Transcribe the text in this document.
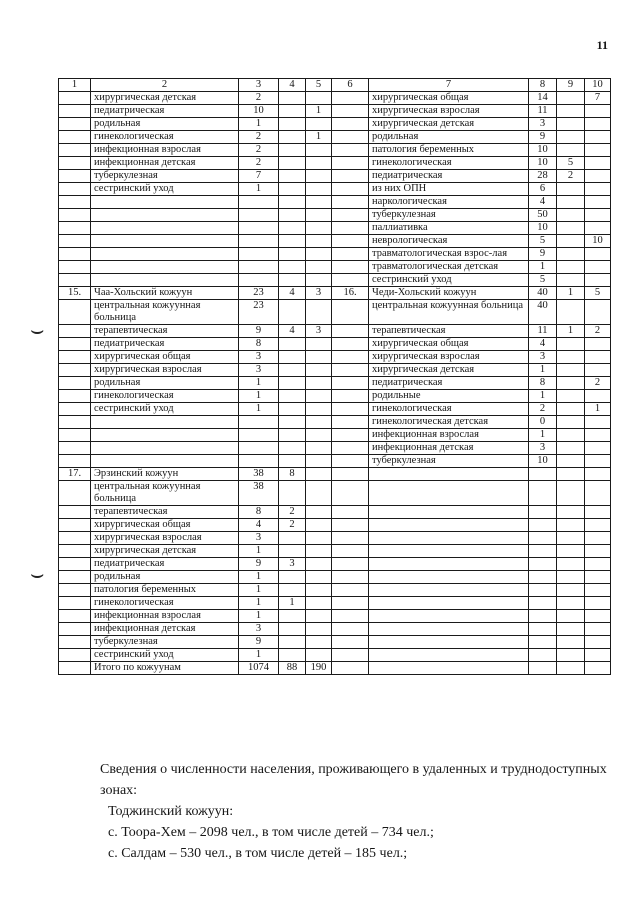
11
1	2	3	4	5	6	7	8	9	10
	хирургическая детская	2				хирургическая общая	14		7
	педиатрическая	10		1		хирургическая взрослая	11		
	родильная	1				хирургическая детская	3		
	гинекологическая	2		1		родильная	9		
	инфекционная взрослая	2				патология беременных	10		
	инфекционная детская	2				гинекологическая	10	5	
	туберкулезная	7				педиатрическая	28	2	
	сестринский уход	1				из них ОПН	6		
						наркологическая	4		
						туберкулезная	50		
						паллиативка	10		
						неврологическая	5		10
						травматологическая взрос-лая	9		
						травматологическая детская	1		
						сестринский уход	5		
15.	Чаа-Хольский кожуун	23	4	3	16.	Чеди-Хольский кожуун	40	1	5
	центральная кожуунная больница	23				центральная кожуунная больница	40		
	терапевтическая	9	4	3		терапевтическая	11	1	2
	педиатрическая	8				хирургическая общая	4		
	хирургическая общая	3				хирургическая взрослая	3		
	хирургическая взрослая	3				хирургическая детская	1		
	родильная	1				педиатрическая	8		2
	гинекологическая	1				родильные	1		
	сестринский уход	1				гинекологическая	2		1
						гинекологическая детская	0		
						инфекционная взрослая	1		
						инфекционная детская	3		
						туберкулезная	10		
17.	Эрзинский кожуун	38	8						
	центральная кожуунная больница	38							
	терапевтическая	8	2						
	хирургическая общая	4	2						
	хирургическая взрослая	3							
	хирургическая детская	1							
	педиатрическая	9	3						
	родильная	1							
	патология беременных	1							
	гинекологическая	1	1						
	инфекционная взрослая	1							
	инфекционная детская	3							
	туберкулезная	9							
	сестринский уход	1							
	Итого по кожуунам	1074	88	190					
⌣
⌣

Сведения о численности населения, проживающего в удаленных и труднодоступных зонах:

Тоджинский кожуун:

с. Тоора-Хем – 2098 чел., в том числе детей – 734 чел.;

с. Салдам – 530 чел., в том числе детей – 185 чел.;
